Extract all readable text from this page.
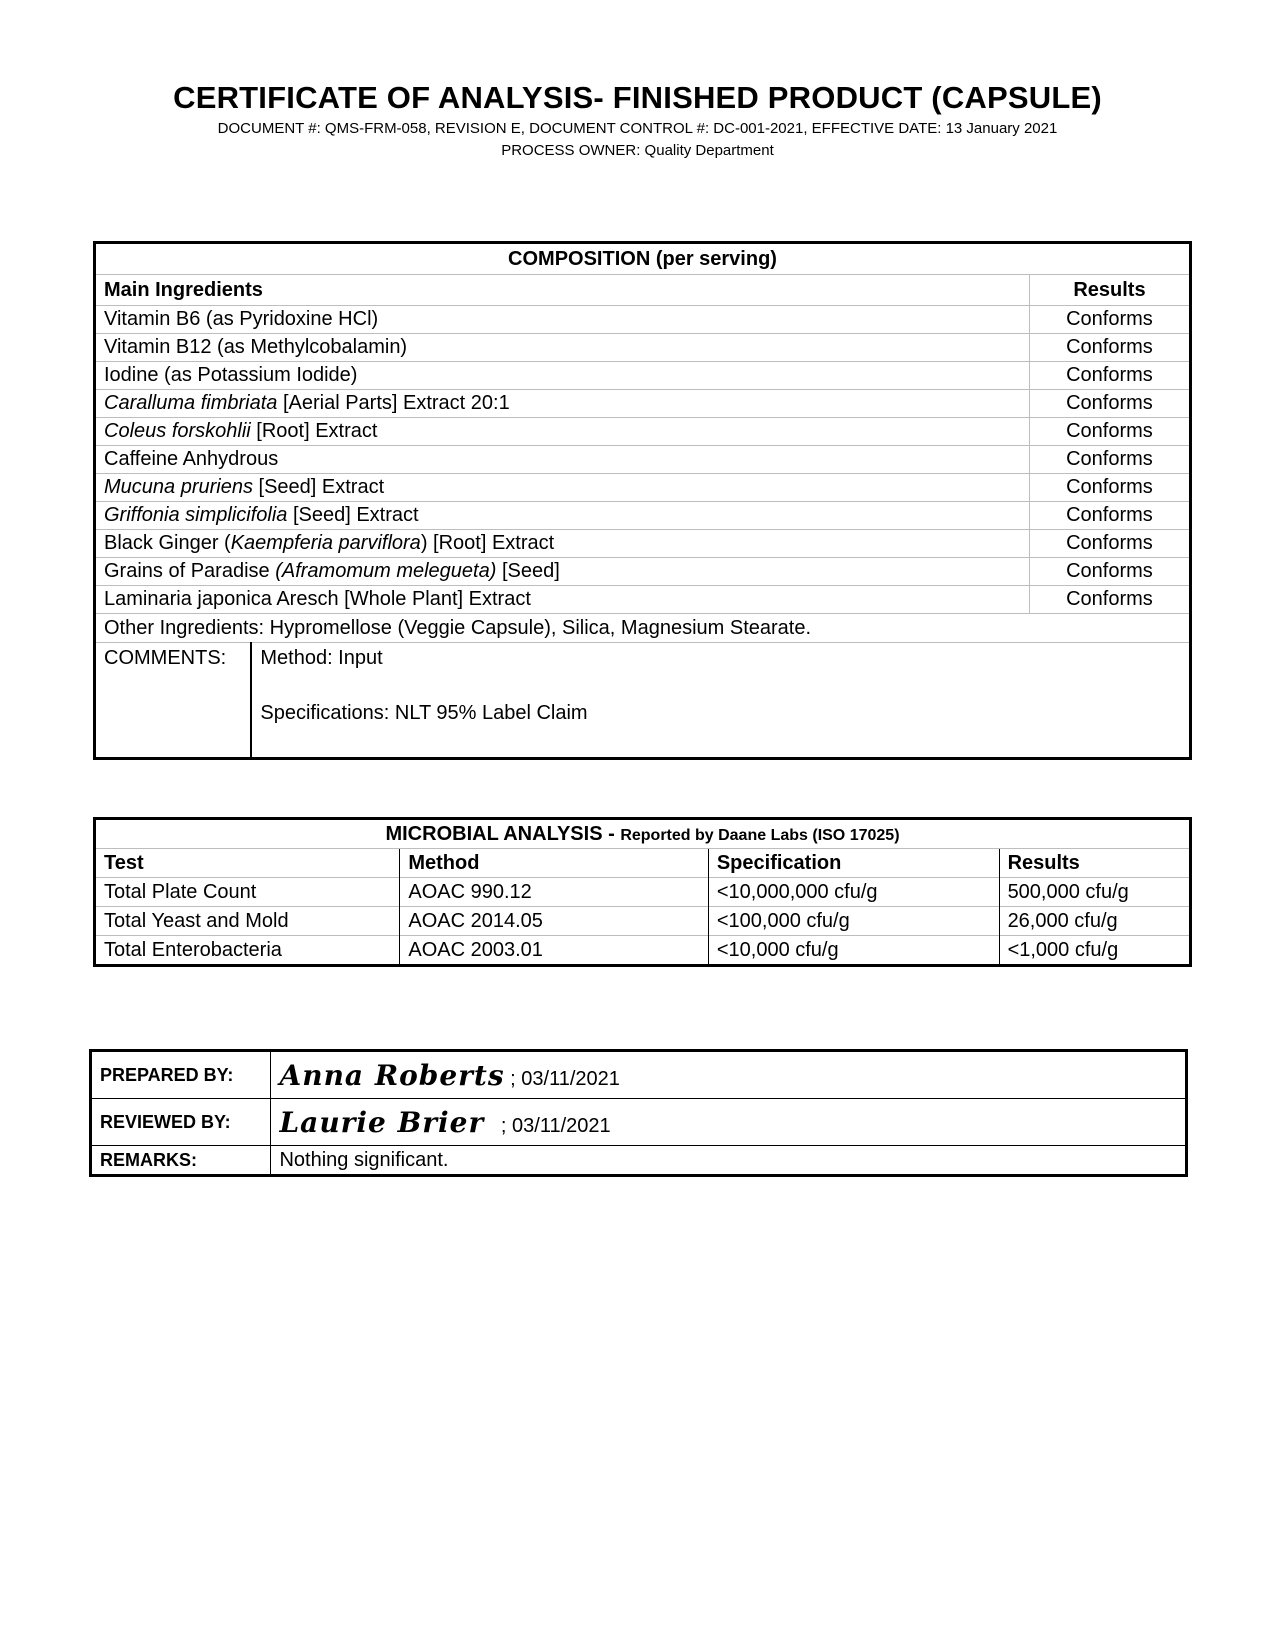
CERTIFICATE OF ANALYSIS- FINISHED PRODUCT (CAPSULE)

DOCUMENT #: QMS-FRM-058, REVISION E, DOCUMENT CONTROL #: DC-001-2021, EFFECTIVE DATE: 13 January 2021

PROCESS OWNER: Quality Department

COMPOSITION (per serving)		
Main Ingredients		Results
Vitamin B6 (as Pyridoxine HCl)		Conforms
Vitamin B12 (as Methylcobalamin)		Conforms
Iodine (as Potassium Iodide)		Conforms
Caralluma fimbriata [Aerial Parts] Extract 20:1		Conforms
Coleus forskohlii [Root] Extract		Conforms
Caffeine Anhydrous		Conforms
Mucuna pruriens [Seed] Extract		Conforms
Griffonia simplicifolia [Seed] Extract		Conforms
Black Ginger (Kaempferia parviflora) [Root] Extract		Conforms
Grains of Paradise (Aframomum melegueta) [Seed]		Conforms
Laminaria japonica Aresch [Whole Plant] Extract		Conforms
Other Ingredients: Hypromellose (Veggie Capsule), Silica, Magnesium Stearate.		
COMMENTS:	Method: Input
Specifications: NLT 95% Label Claim	
MICROBIAL ANALYSIS - Reported by Daane Labs (ISO 17025)			
Test	Method	Specification	Results
Total Plate Count	AOAC 990.12	<10,000,000 cfu/g	500,000 cfu/g
Total Yeast and Mold	AOAC 2014.05	<100,000 cfu/g	26,000 cfu/g
Total Enterobacteria	AOAC 2003.01	<10,000 cfu/g	<1,000 cfu/g
PREPARED BY:	Anna Roberts ; 03/11/2021
REVIEWED BY:	Laurie Brier ; 03/11/2021
REMARKS:	Nothing significant.
